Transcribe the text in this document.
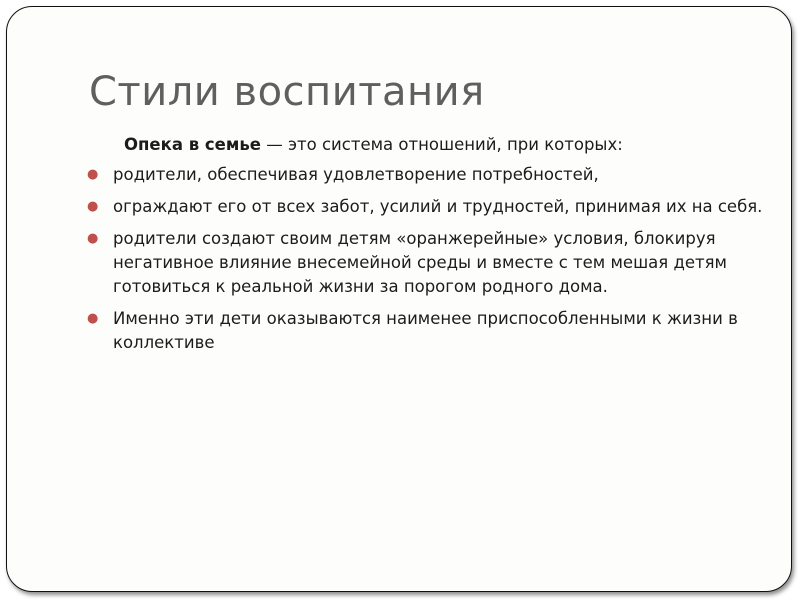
Стили воспитания
Опека в семье — это система отношений, при которых:
● родители, обеспечивая удовлетворение потребностей,
● ограждают его от всех забот, усилий и трудностей, принимая их на себя.
● родители создают своим детям «оранжерейные» условия, блокируя негативное влияние внесемейной среды и вместе с тем мешая детям готовиться к реальной жизни за порогом родного дома.
● Именно эти дети оказываются наименее приспособленными к жизни в коллективе
